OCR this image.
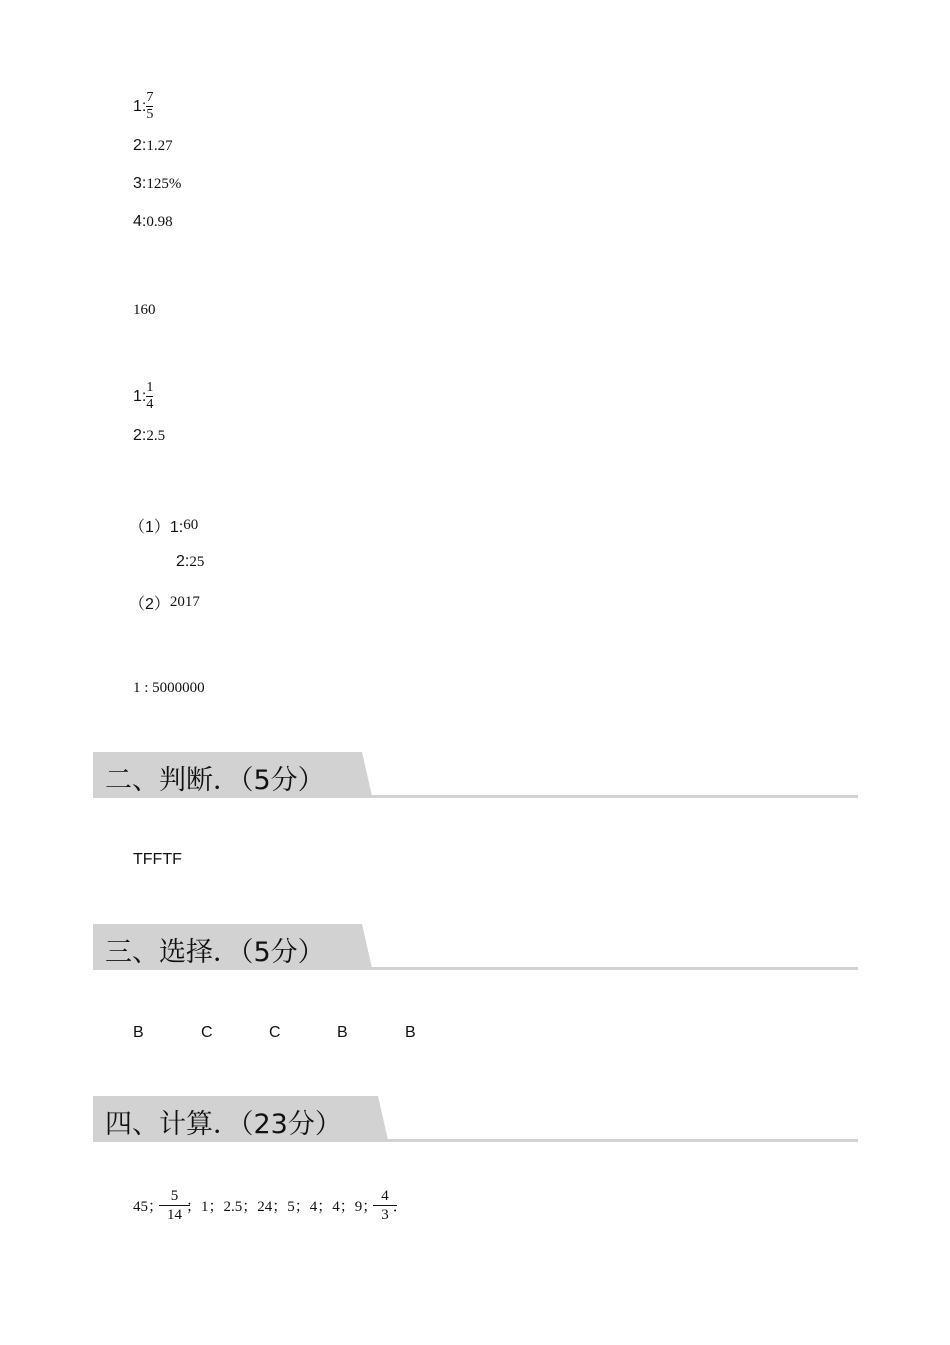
1: $\frac{7}{5}$
2: 1.27
3: 125%
4: 0.98
160
1: $\frac{1}{4}$
2: 2.5
（1）1: 60
2: 25
（2） 2017
1 : 5000000
二、判断．（5分）
TFFTF
三、选择．（5分）
B	C	C	B	B
四、计算．（23分）
45； $\frac{5}{14}$ ；1；2.5；24；5；4；4；9； $\frac{4}{3}$ ．
